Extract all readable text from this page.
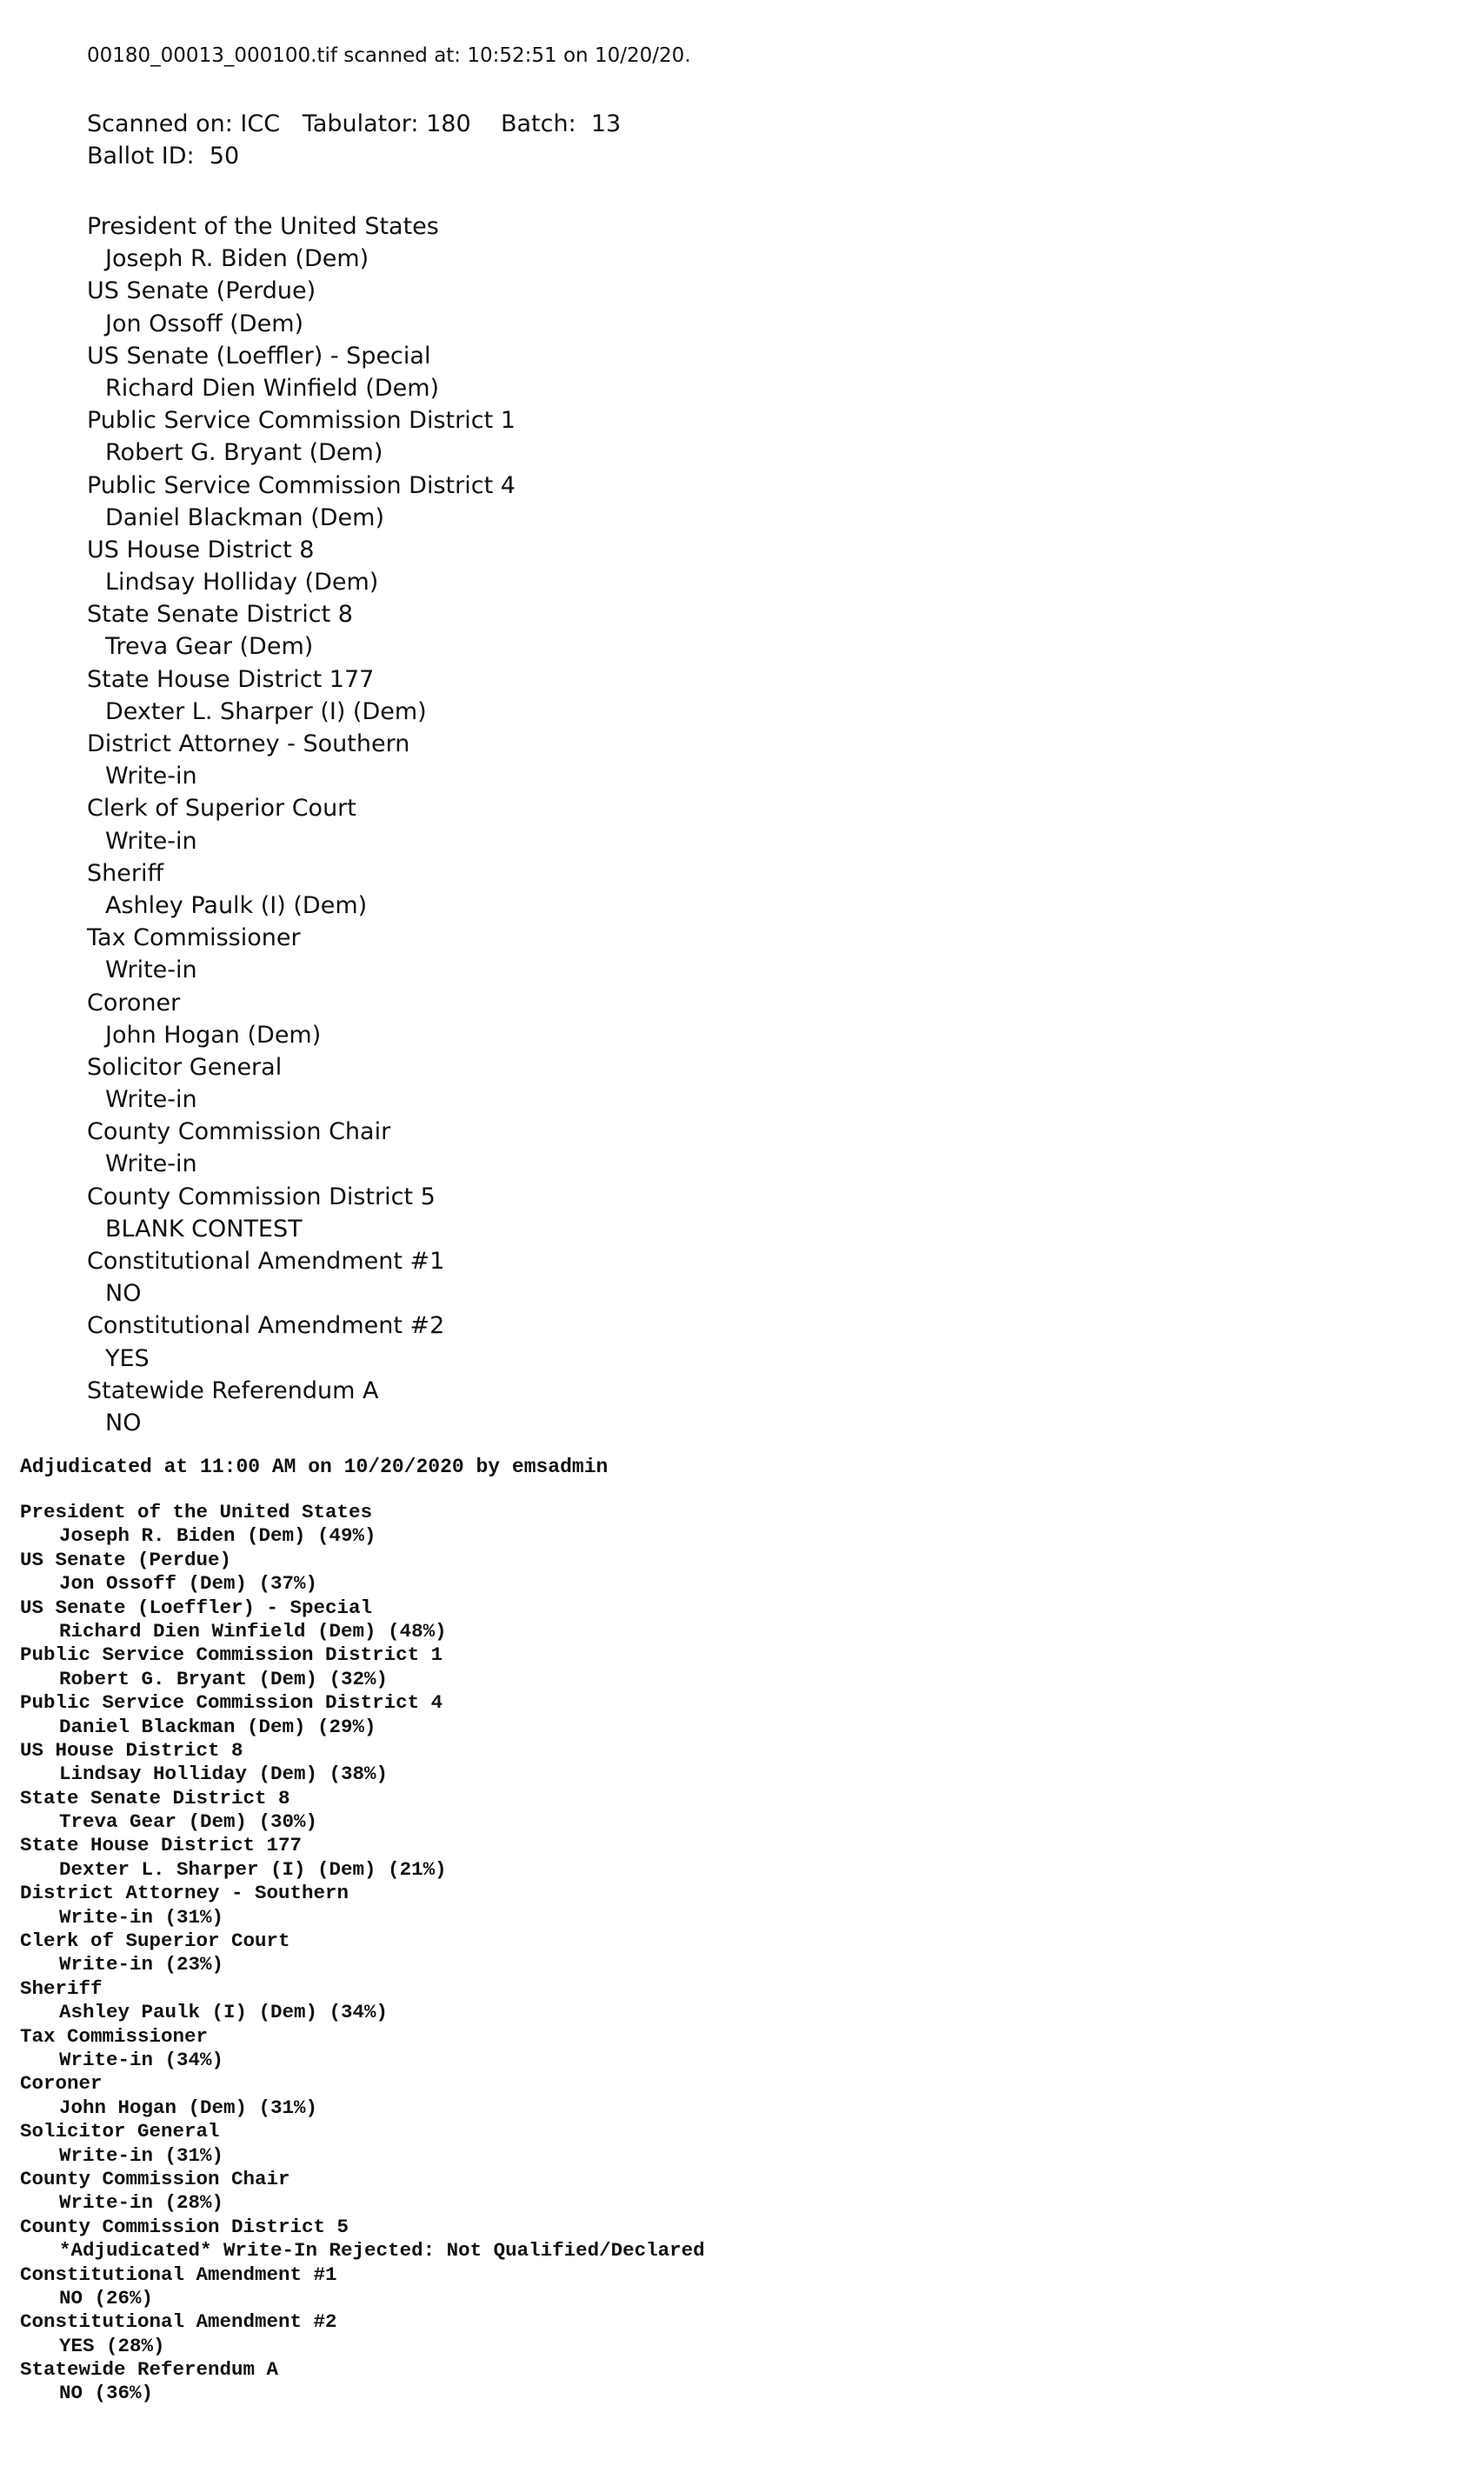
00180_00013_000100.tif scanned at: 10:52:51 on 10/20/20.
Scanned on: ICC   Tabulator: 180    Batch:  13
Ballot ID:  50
President of the United States
Joseph R. Biden (Dem)
US Senate (Perdue)
Jon Ossoff (Dem)
US Senate (Loeffler) - Special
Richard Dien Winfield (Dem)
Public Service Commission District 1
Robert G. Bryant (Dem)
Public Service Commission District 4
Daniel Blackman (Dem)
US House District 8
Lindsay Holliday (Dem)
State Senate District 8
Treva Gear (Dem)
State House District 177
Dexter L. Sharper (I) (Dem)
District Attorney - Southern
Write-in
Clerk of Superior Court
Write-in
Sheriff
Ashley Paulk (I) (Dem)
Tax Commissioner
Write-in
Coroner
John Hogan (Dem)
Solicitor General
Write-in
County Commission Chair
Write-in
County Commission District 5
BLANK CONTEST
Constitutional Amendment #1
NO
Constitutional Amendment #2
YES
Statewide Referendum A
NO
Adjudicated at 11:00 AM on 10/20/2020 by emsadmin
President of the United States
Joseph R. Biden (Dem) (49%)
US Senate (Perdue)
Jon Ossoff (Dem) (37%)
US Senate (Loeffler) - Special
Richard Dien Winfield (Dem) (48%)
Public Service Commission District 1
Robert G. Bryant (Dem) (32%)
Public Service Commission District 4
Daniel Blackman (Dem) (29%)
US House District 8
Lindsay Holliday (Dem) (38%)
State Senate District 8
Treva Gear (Dem) (30%)
State House District 177
Dexter L. Sharper (I) (Dem) (21%)
District Attorney - Southern
Write-in (31%)
Clerk of Superior Court
Write-in (23%)
Sheriff
Ashley Paulk (I) (Dem) (34%)
Tax Commissioner
Write-in (34%)
Coroner
John Hogan (Dem) (31%)
Solicitor General
Write-in (31%)
County Commission Chair
Write-in (28%)
County Commission District 5
*Adjudicated* Write-In Rejected: Not Qualified/Declared
Constitutional Amendment #1
NO (26%)
Constitutional Amendment #2
YES (28%)
Statewide Referendum A
NO (36%)
